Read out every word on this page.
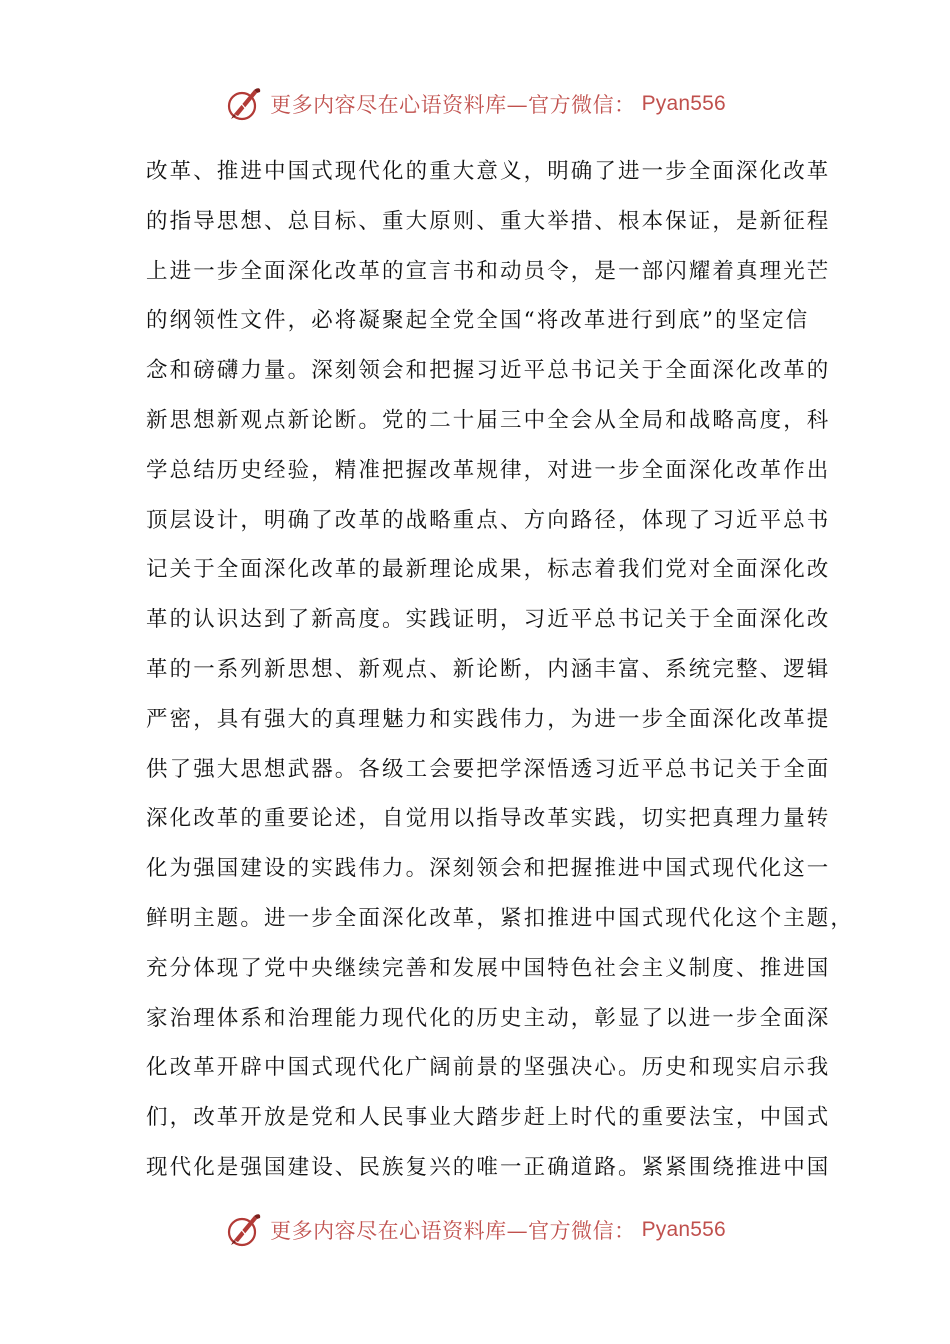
更多内容尽在心语资料库—官方微信： Pyan556
改革、推进中国式现代化的重大意义，明确了进一步全面深化改革
的指导思想、总目标、重大原则、重大举措、根本保证，是新征程
上进一步全面深化改革的宣言书和动员令，是一部闪耀着真理光芒
的纲领性文件，必将凝聚起全党全国“将改革进行到底”的坚定信
念和磅礴力量。深刻领会和把握习近平总书记关于全面深化改革的
新思想新观点新论断。党的二十届三中全会从全局和战略高度，科
学总结历史经验，精准把握改革规律，对进一步全面深化改革作出
顶层设计，明确了改革的战略重点、方向路径，体现了习近平总书
记关于全面深化改革的最新理论成果，标志着我们党对全面深化改
革的认识达到了新高度。实践证明，习近平总书记关于全面深化改
革的一系列新思想、新观点、新论断，内涵丰富、系统完整、逻辑
严密，具有强大的真理魅力和实践伟力，为进一步全面深化改革提
供了强大思想武器。各级工会要把学深悟透习近平总书记关于全面
深化改革的重要论述，自觉用以指导改革实践，切实把真理力量转
化为强国建设的实践伟力。深刻领会和把握推进中国式现代化这一
鲜明主题。进一步全面深化改革，紧扣推进中国式现代化这个主题，
充分体现了党中央继续完善和发展中国特色社会主义制度、推进国
家治理体系和治理能力现代化的历史主动，彰显了以进一步全面深
化改革开辟中国式现代化广阔前景的坚强决心。历史和现实启示我
们，改革开放是党和人民事业大踏步赶上时代的重要法宝，中国式
现代化是强国建设、民族复兴的唯一正确道路。紧紧围绕推进中国
更多内容尽在心语资料库—官方微信： Pyan556
